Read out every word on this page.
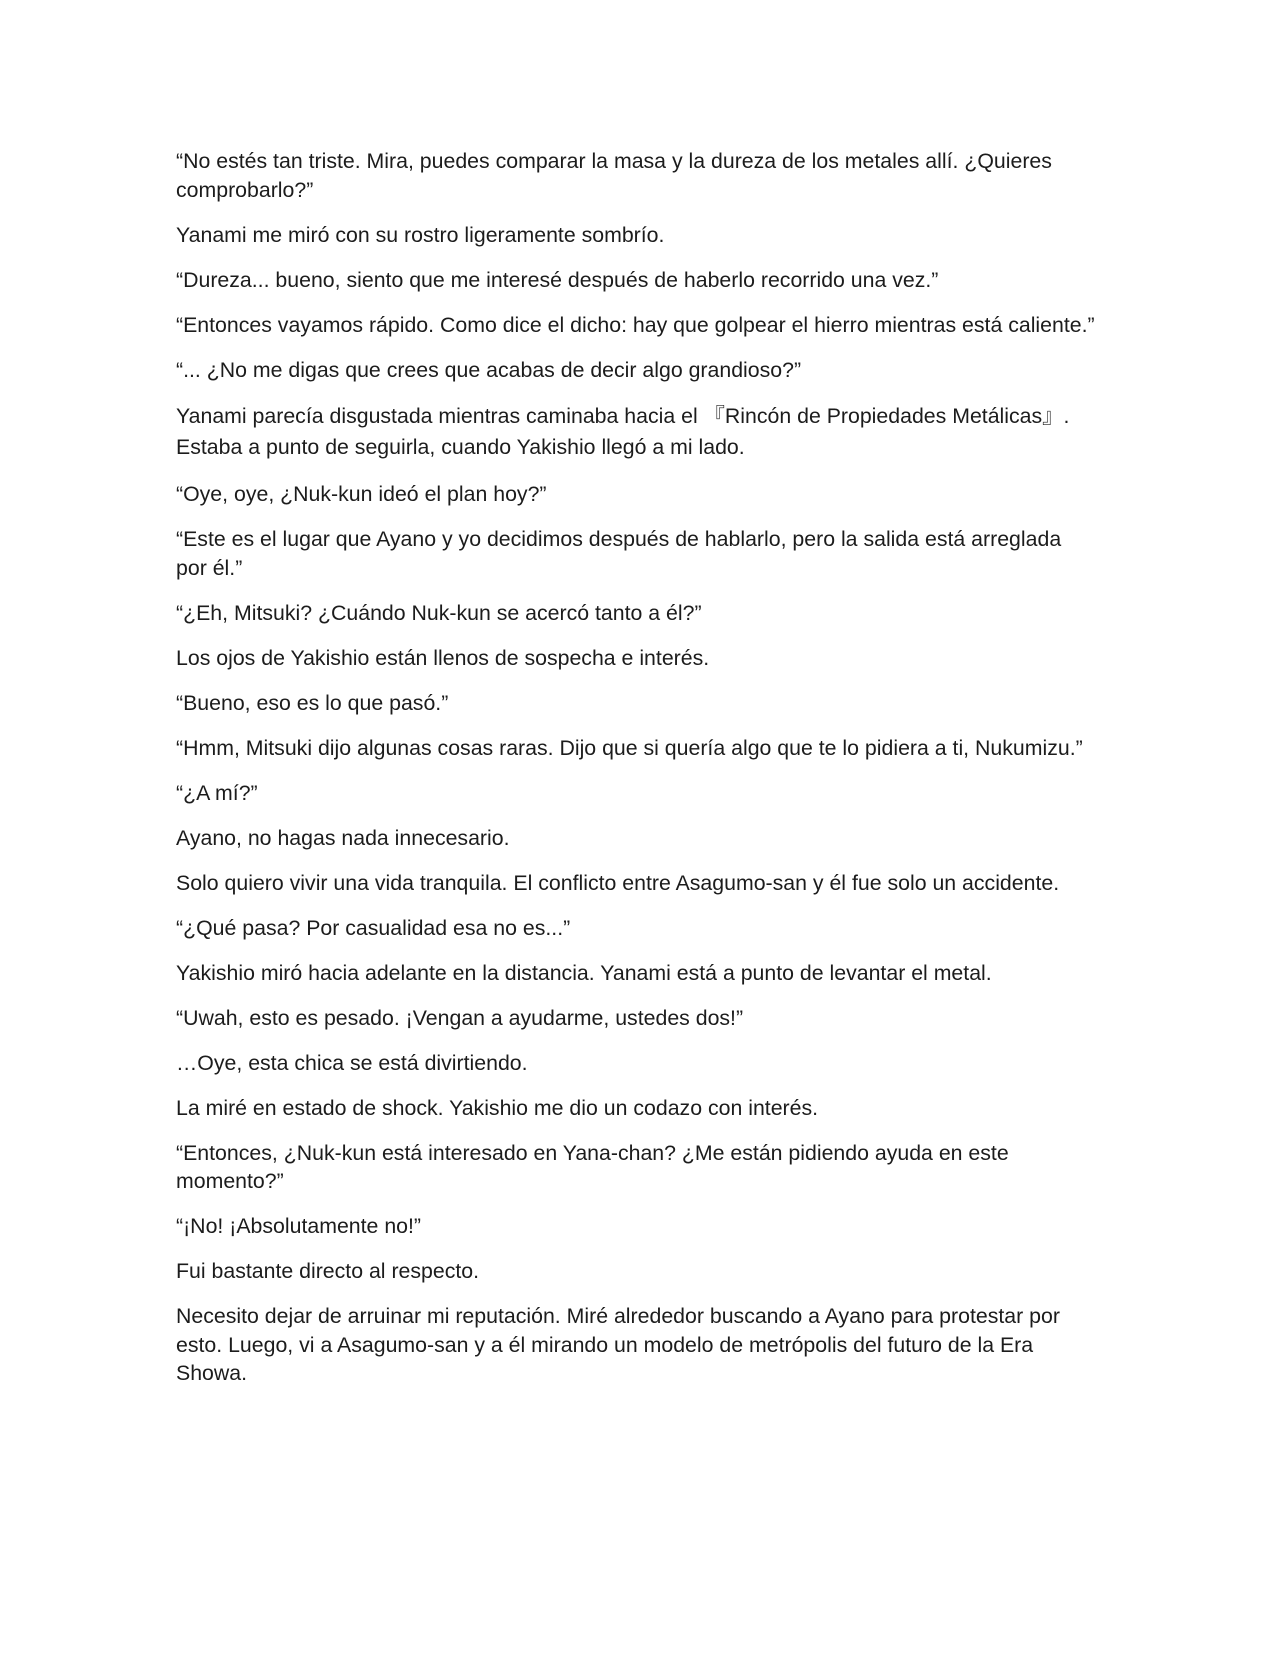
“No estés tan triste. Mira, puedes comparar la masa y la dureza de los metales allí. ¿Quieres comprobarlo?”

Yanami me miró con su rostro ligeramente sombrío.

“Dureza... bueno, siento que me interesé después de haberlo recorrido una vez.”

“Entonces vayamos rápido. Como dice el dicho: hay que golpear el hierro mientras está caliente.”

“... ¿No me digas que crees que acabas de decir algo grandioso?”

Yanami parecía disgustada mientras caminaba hacia el 『Rincón de Propiedades Metálicas』. Estaba a punto de seguirla, cuando Yakishio llegó a mi lado.

“Oye, oye, ¿Nuk-kun ideó el plan hoy?”

“Este es el lugar que Ayano y yo decidimos después de hablarlo, pero la salida está arreglada por él.”

“¿Eh, Mitsuki? ¿Cuándo Nuk-kun se acercó tanto a él?”

Los ojos de Yakishio están llenos de sospecha e interés.

“Bueno, eso es lo que pasó.”

“Hmm, Mitsuki dijo algunas cosas raras. Dijo que si quería algo que te lo pidiera a ti, Nukumizu.”

“¿A mí?”

Ayano, no hagas nada innecesario.

Solo quiero vivir una vida tranquila. El conflicto entre Asagumo-san y él fue solo un accidente.

“¿Qué pasa? Por casualidad esa no es...”

Yakishio miró hacia adelante en la distancia. Yanami está a punto de levantar el metal.

“Uwah, esto es pesado. ¡Vengan a ayudarme, ustedes dos!”

…Oye, esta chica se está divirtiendo.

La miré en estado de shock. Yakishio me dio un codazo con interés.

“Entonces, ¿Nuk-kun está interesado en Yana-chan? ¿Me están pidiendo ayuda en este momento?”

“¡No! ¡Absolutamente no!”

Fui bastante directo al respecto.

Necesito dejar de arruinar mi reputación. Miré alrededor buscando a Ayano para protestar por esto. Luego, vi a Asagumo-san y a él mirando un modelo de metrópolis del futuro de la Era Showa.
